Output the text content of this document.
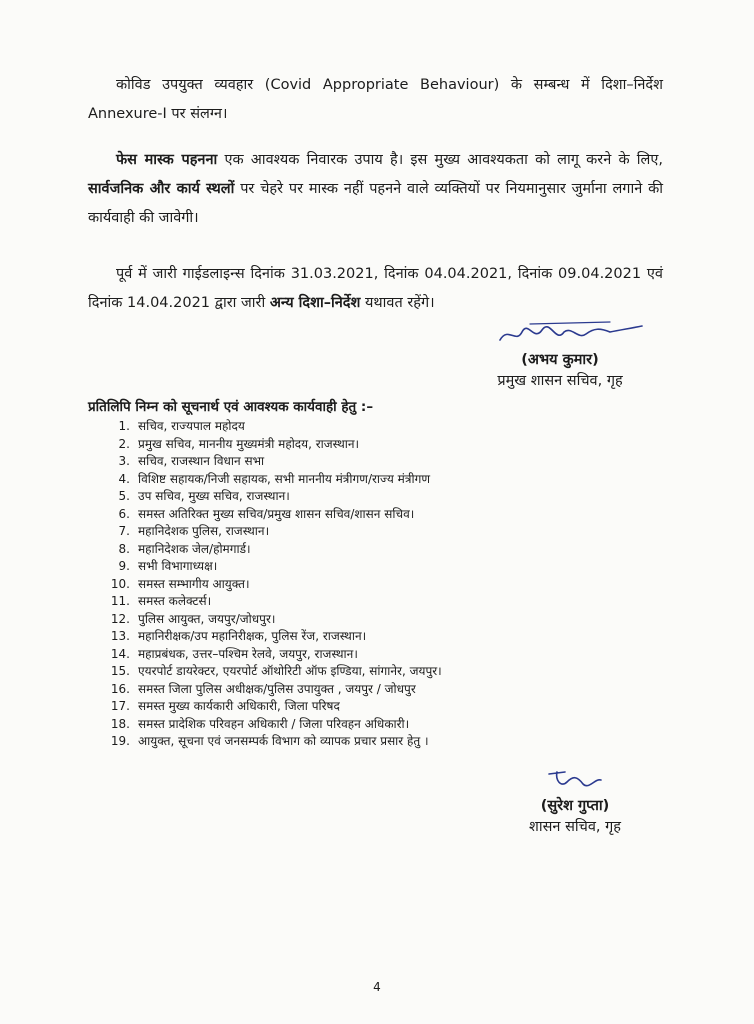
कोविड उपयुक्त व्यवहार (Covid Appropriate Behaviour) के सम्बन्ध में दिशा–निर्देश Annexure-I पर संलग्न।

फेस मास्क पहनना एक आवश्यक निवारक उपाय है। इस मुख्य आवश्यकता को लागू करने के लिए, सार्वजनिक और कार्य स्थलों पर चेहरे पर मास्क नहीं पहनने वाले व्यक्तियों पर नियमानुसार जुर्माना लगाने की कार्यवाही की जावेगी।

पूर्व में जारी गाईडलाइन्स दिनांक 31.03.2021, दिनांक 04.04.2021, दिनांक 09.04.2021 एवं दिनांक 14.04.2021 द्वारा जारी अन्य दिशा–निर्देश यथावत रहेंगे।

(अभय कुमार)
प्रमुख शासन सचिव, गृह

प्रतिलिपि निम्न को सूचनार्थ एवं आवश्यक कार्यवाही हेतु :–

1. सचिव, राज्यपाल महोदय
2. प्रमुख सचिव, माननीय मुख्यमंत्री महोदय, राजस्थान।
3. सचिव, राजस्थान विधान सभा
4. विशिष्ट सहायक/निजी सहायक, सभी माननीय मंत्रीगण/राज्य मंत्रीगण
5. उप सचिव, मुख्य सचिव, राजस्थान।
6. समस्त अतिरिक्त मुख्य सचिव/प्रमुख शासन सचिव/शासन सचिव।
7. महानिदेशक पुलिस, राजस्थान।
8. महानिदेशक जेल/होमगार्ड।
9. सभी विभागाध्यक्ष।
10. समस्त सम्भागीय आयुक्त।
11. समस्त कलेक्टर्स।
12. पुलिस आयुक्त, जयपुर/जोधपुर।
13. महानिरीक्षक/उप महानिरीक्षक, पुलिस रेंज, राजस्थान।
14. महाप्रबंधक, उत्तर–पश्चिम रेलवे, जयपुर, राजस्थान।
15. एयरपोर्ट डायरेक्टर, एयरपोर्ट ऑथोरिटी ऑफ इण्डिया, सांगानेर, जयपुर।
16. समस्त जिला पुलिस अधीक्षक/पुलिस उपायुक्त , जयपुर / जोधपुर
17. समस्त मुख्य कार्यकारी अधिकारी, जिला परिषद
18. समस्त प्रादेशिक परिवहन अधिकारी / जिला परिवहन अधिकारी।
19. आयुक्त, सूचना एवं जनसम्पर्क विभाग को व्यापक प्रचार प्रसार हेतु ।
(सुरेश गुप्ता)
शासन सचिव, गृह
4
